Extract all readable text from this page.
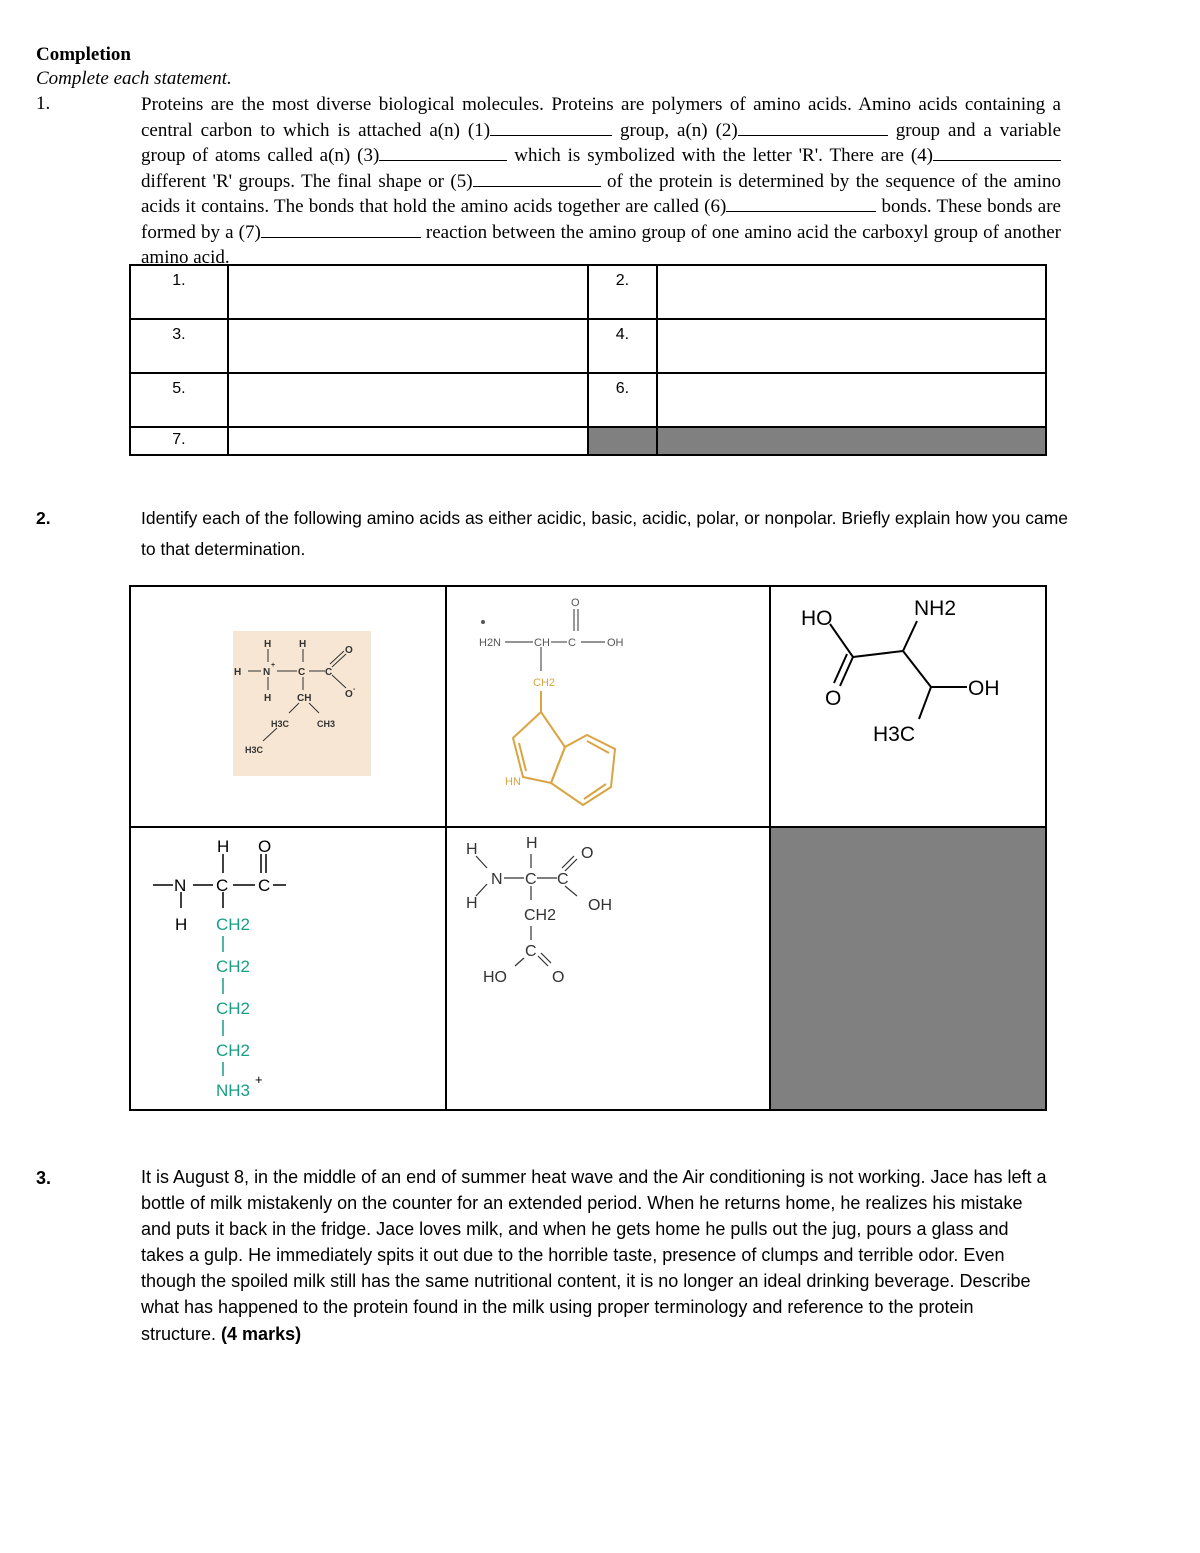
Completion
Complete each statement.
1.	Proteins are the most diverse biological molecules. Proteins are polymers of amino acids. Amino acids containing a central carbon to which is attached a(n) (1)	group, a(n) (2)	group and a variable group of atoms called a(n) (3)	which is symbolized with the letter 'R'. There are (4) different 'R' groups. The final shape or (5)	of the protein is determined by the sequence of the amino acids it contains. The bonds that hold the amino acids together are called (6)	bonds. These bonds are formed by a (7)	reaction between the amino group of one amino acid the carboxyl group of another amino acid.
1.		2.	
3.		4.	
5.		6.	
7.			
2.	Identify each of the following amino acids as either acidic, basic, acidic, polar, or nonpolar. Briefly explain how you came to that determination.
H	H
H N
+
C C
O
O -
H	CH
H3C	CH3
H3C
H2N	CH C	OH
O
CH2
HN
HO	NH2
O	OH
H3C
H O
N C C
H CH2
CH2
CH2
CH2
NH3
+
H	H
H
N C C
O
OH
CH2
C
HO	O
3.	It is August 8, in the middle of an end of summer heat wave and the Air conditioning is not working. Jace has left a bottle of milk mistakenly on the counter for an extended period. When he returns home, he realizes his mistake and puts it back in the fridge. Jace loves milk, and when he gets home he pulls out the jug, pours a glass and takes a gulp. He immediately spits it out due to the horrible taste, presence of clumps and terrible odor. Even though the spoiled milk still has the same nutritional content, it is no longer an ideal drinking beverage. Describe what has happened to the protein found in the milk using proper terminology and reference to the protein structure. (4 marks)
